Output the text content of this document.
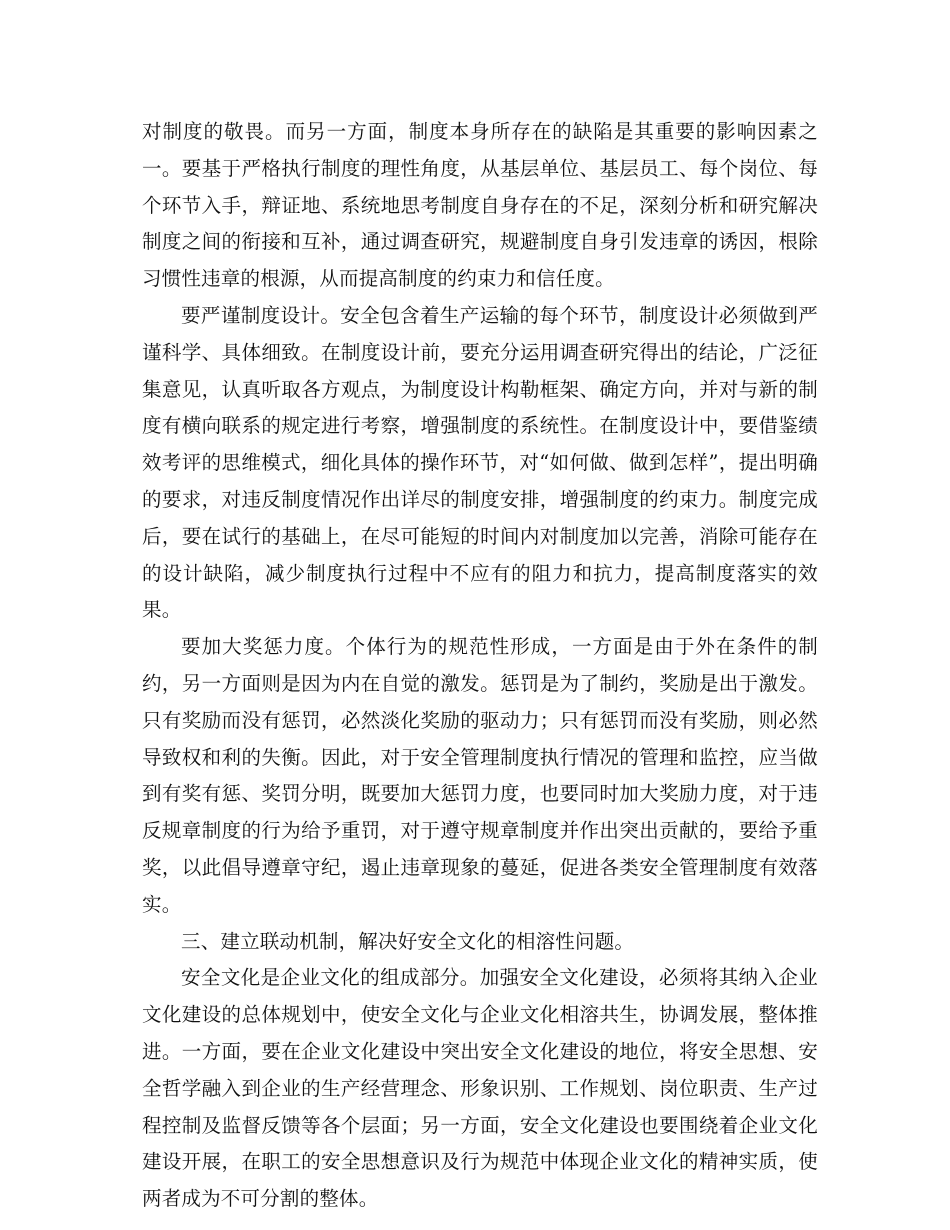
对制度的敬畏。而另一方面，制度本身所存在的缺陷是其重要的影响因素之一。要基于严格执行制度的理性角度，从基层单位、基层员工、每个岗位、每个环节入手，辩证地、系统地思考制度自身存在的不足，深刻分析和研究解决制度之间的衔接和互补，通过调查研究，规避制度自身引发违章的诱因，根除习惯性违章的根源，从而提高制度的约束力和信任度。

要严谨制度设计。安全包含着生产运输的每个环节，制度设计必须做到严谨科学、具体细致。在制度设计前，要充分运用调查研究得出的结论，广泛征集意见，认真听取各方观点，为制度设计构勒框架、确定方向，并对与新的制度有横向联系的规定进行考察，增强制度的系统性。在制度设计中，要借鉴绩效考评的思维模式，细化具体的操作环节，对“如何做、做到怎样”，提出明确的要求，对违反制度情况作出详尽的制度安排，增强制度的约束力。制度完成后，要在试行的基础上，在尽可能短的时间内对制度加以完善，消除可能存在的设计缺陷，减少制度执行过程中不应有的阻力和抗力，提高制度落实的效果。

要加大奖惩力度。个体行为的规范性形成，一方面是由于外在条件的制约，另一方面则是因为内在自觉的激发。惩罚是为了制约，奖励是出于激发。只有奖励而没有惩罚，必然淡化奖励的驱动力；只有惩罚而没有奖励，则必然导致权和利的失衡。因此，对于安全管理制度执行情况的管理和监控，应当做到有奖有惩、奖罚分明，既要加大惩罚力度，也要同时加大奖励力度，对于违反规章制度的行为给予重罚，对于遵守规章制度并作出突出贡献的，要给予重奖，以此倡导遵章守纪，遏止违章现象的蔓延，促进各类安全管理制度有效落实。

三、建立联动机制，解决好安全文化的相溶性问题。

安全文化是企业文化的组成部分。加强安全文化建设，必须将其纳入企业文化建设的总体规划中，使安全文化与企业文化相溶共生，协调发展，整体推进。一方面，要在企业文化建设中突出安全文化建设的地位，将安全思想、安全哲学融入到企业的生产经营理念、形象识别、工作规划、岗位职责、生产过程控制及监督反馈等各个层面；另一方面，安全文化建设也要围绕着企业文化建设开展，在职工的安全思想意识及行为规范中体现企业文化的精神实质，使两者成为不可分割的整体。
